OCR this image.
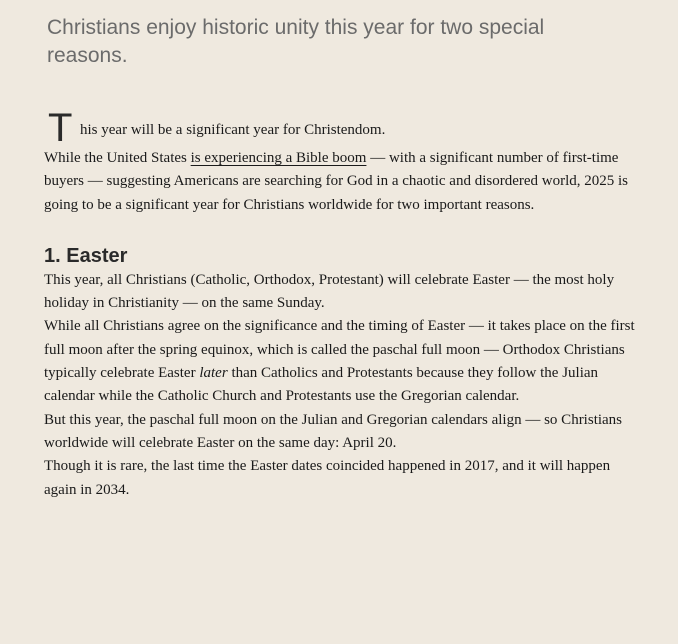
Christians enjoy historic unity this year for two special reasons.
T his year will be a significant year for Christendom.

While the United States is experiencing a Bible boom — with a significant number of first-time buyers — suggesting Americans are searching for God in a chaotic and disordered world, 2025 is going to be a significant year for Christians worldwide for two important reasons.

1. Easter

This year, all Christians (Catholic, Orthodox, Protestant) will celebrate Easter — the most holy holiday in Christianity — on the same Sunday.

While all Christians agree on the significance and the timing of Easter — it takes place on the first full moon after the spring equinox, which is called the paschal full moon — Orthodox Christians typically celebrate Easter later than Catholics and Protestants because they follow the Julian calendar while the Catholic Church and Protestants use the Gregorian calendar.

But this year, the paschal full moon on the Julian and Gregorian calendars align — so Christians worldwide will celebrate Easter on the same day: April 20.

Though it is rare, the last time the Easter dates coincided happened in 2017, and it will happen again in 2034.
